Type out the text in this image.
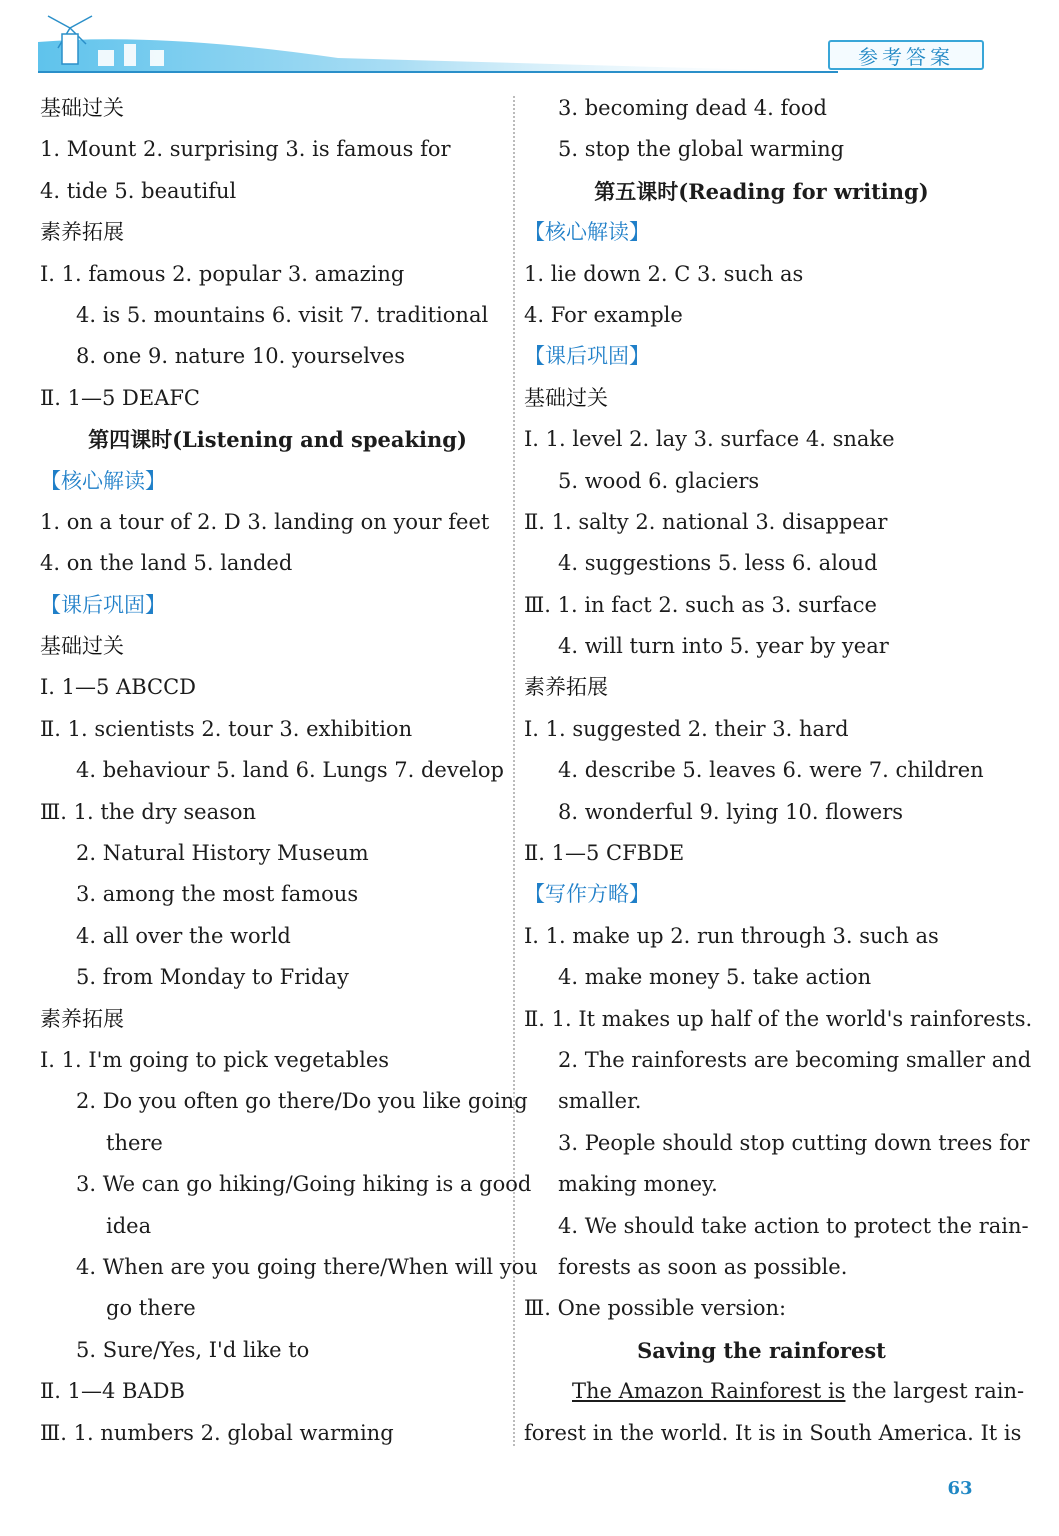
参考答案
基础过关
1. Mount 2. surprising 3. is famous for
4. tide 5. beautiful
素养拓展
Ⅰ. 1. famous 2. popular 3. amazing
4. is 5. mountains 6. visit 7. traditional
8. one 9. nature 10. yourselves
Ⅱ. 1—5 DEAFC
第四课时(Listening and speaking)
【核心解读】
1. on a tour of 2. D 3. landing on your feet
4. on the land 5. landed
【课后巩固】
基础过关
Ⅰ. 1—5 ABCCD
Ⅱ. 1. scientists 2. tour 3. exhibition
4. behaviour 5. land 6. Lungs 7. develop
Ⅲ. 1. the dry season
2. Natural History Museum
3. among the most famous
4. all over the world
5. from Monday to Friday
素养拓展
Ⅰ. 1. I'm going to pick vegetables
2. Do you often go there/Do you like going
there
3. We can go hiking/Going hiking is a good
idea
4. When are you going there/When will you
go there
5. Sure/Yes, I'd like to
Ⅱ. 1—4 BADB
Ⅲ. 1. numbers 2. global warming
3. becoming dead 4. food
5. stop the global warming
第五课时(Reading for writing)
【核心解读】
1. lie down 2. C 3. such as
4. For example
【课后巩固】
基础过关
Ⅰ. 1. level 2. lay 3. surface 4. snake
5. wood 6. glaciers
Ⅱ. 1. salty 2. national 3. disappear
4. suggestions 5. less 6. aloud
Ⅲ. 1. in fact 2. such as 3. surface
4. will turn into 5. year by year
素养拓展
Ⅰ. 1. suggested 2. their 3. hard
4. describe 5. leaves 6. were 7. children
8. wonderful 9. lying 10. flowers
Ⅱ. 1—5 CFBDE
【写作方略】
Ⅰ. 1. make up 2. run through 3. such as
4. make money 5. take action
Ⅱ. 1. It makes up half of the world's rainforests.
2. The rainforests are becoming smaller and
smaller.
3. People should stop cutting down trees for
making money.
4. We should take action to protect the rain-
forests as soon as possible.
Ⅲ. One possible version:
Saving the rainforest
The Amazon Rainforest is the largest rain-
forest in the world. It is in South America. It is
63
